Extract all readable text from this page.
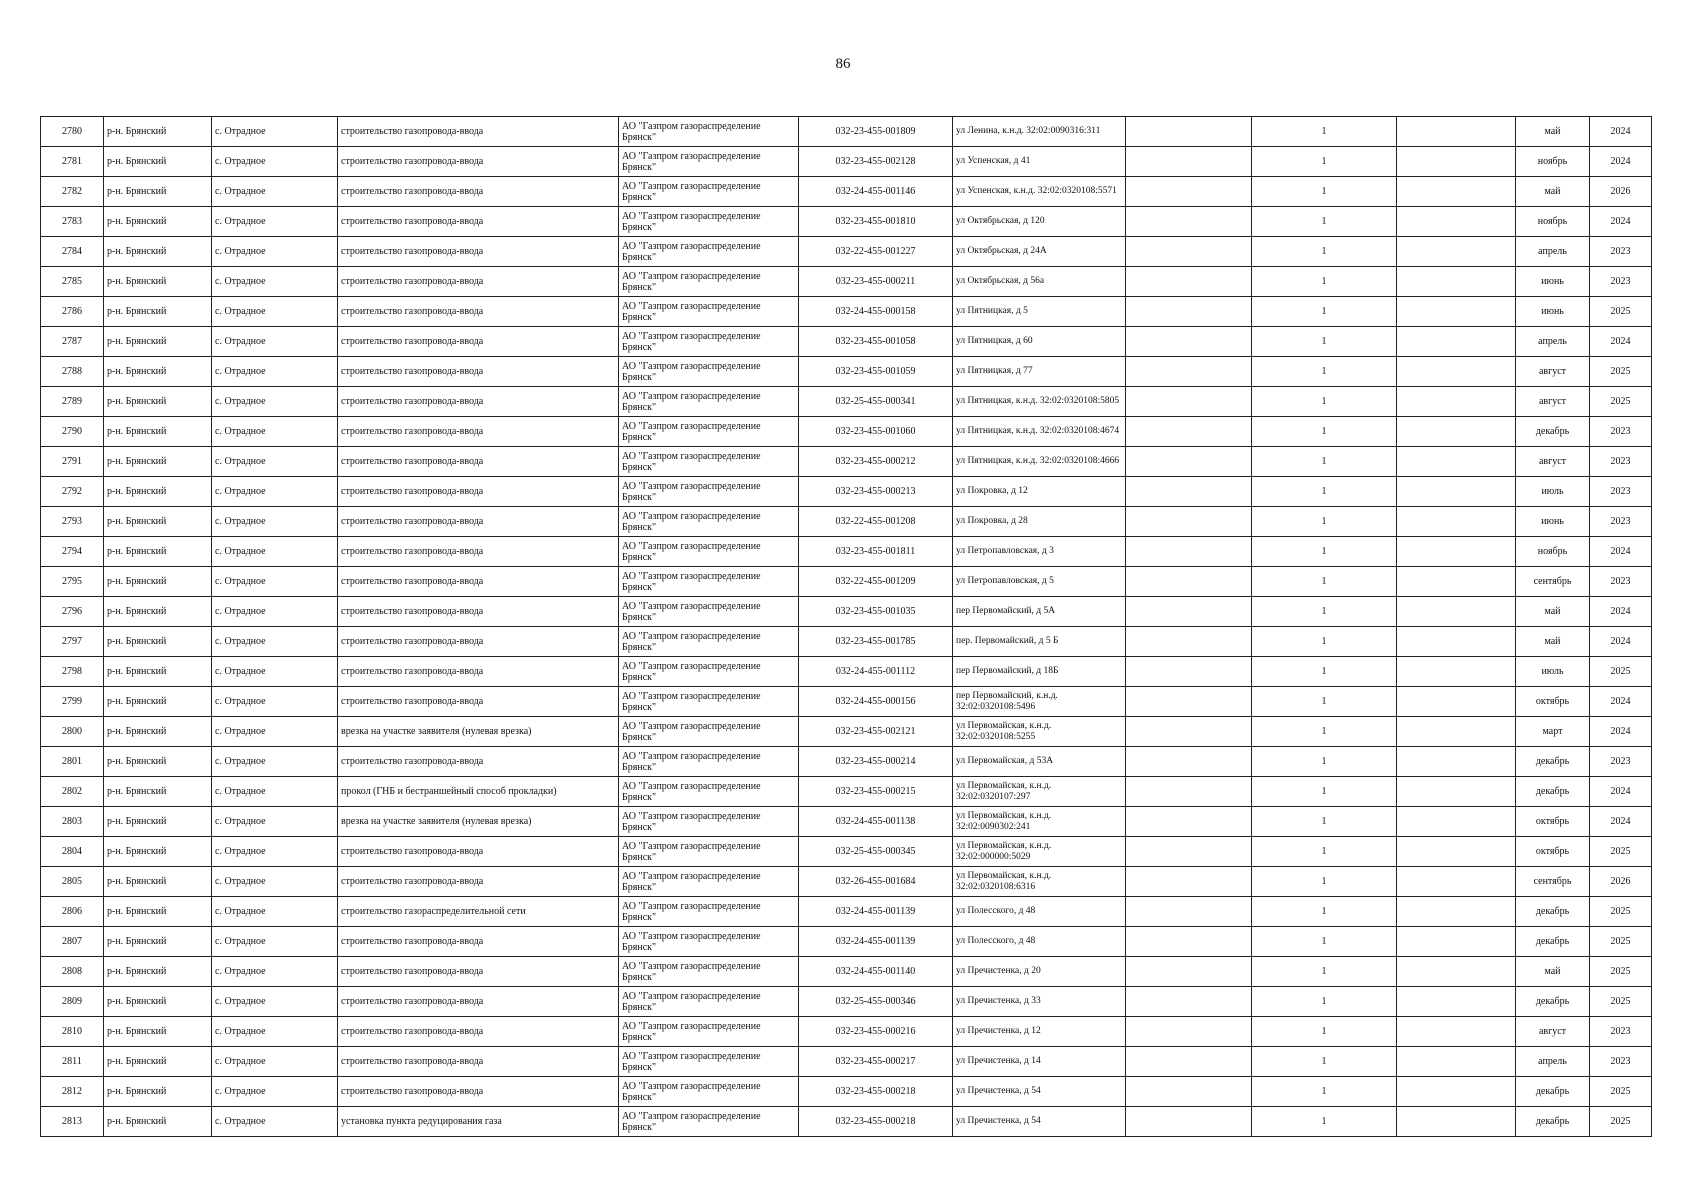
86
2780	р-н. Брянский	с. Отрадное	строительство газопровода-ввода	АО "Газпром газораспределение Брянск"	032-23-455-001809	ул Ленина, к.н.д. 32:02:0090316:311		1		май	2024
2781	р-н. Брянский	с. Отрадное	строительство газопровода-ввода	АО "Газпром газораспределение Брянск"	032-23-455-002128	ул Успенская, д 41		1		ноябрь	2024
2782	р-н. Брянский	с. Отрадное	строительство газопровода-ввода	АО "Газпром газораспределение Брянск"	032-24-455-001146	ул Успенская, к.н.д. 32:02:0320108:5571		1		май	2026
2783	р-н. Брянский	с. Отрадное	строительство газопровода-ввода	АО "Газпром газораспределение Брянск"	032-23-455-001810	ул Октябрьская, д 120		1		ноябрь	2024
2784	р-н. Брянский	с. Отрадное	строительство газопровода-ввода	АО "Газпром газораспределение Брянск"	032-22-455-001227	ул Октябрьская, д 24А		1		апрель	2023
2785	р-н. Брянский	с. Отрадное	строительство газопровода-ввода	АО "Газпром газораспределение Брянск"	032-23-455-000211	ул Октябрьская, д 56а		1		июнь	2023
2786	р-н. Брянский	с. Отрадное	строительство газопровода-ввода	АО "Газпром газораспределение Брянск"	032-24-455-000158	ул Пятницкая, д 5		1		июнь	2025
2787	р-н. Брянский	с. Отрадное	строительство газопровода-ввода	АО "Газпром газораспределение Брянск"	032-23-455-001058	ул Пятницкая, д 60		1		апрель	2024
2788	р-н. Брянский	с. Отрадное	строительство газопровода-ввода	АО "Газпром газораспределение Брянск"	032-23-455-001059	ул Пятницкая, д 77		1		август	2025
2789	р-н. Брянский	с. Отрадное	строительство газопровода-ввода	АО "Газпром газораспределение Брянск"	032-25-455-000341	ул Пятницкая, к.н.д. 32:02:0320108:5805		1		август	2025
2790	р-н. Брянский	с. Отрадное	строительство газопровода-ввода	АО "Газпром газораспределение Брянск"	032-23-455-001060	ул Пятницкая, к.н.д. 32:02:0320108:4674		1		декабрь	2023
2791	р-н. Брянский	с. Отрадное	строительство газопровода-ввода	АО "Газпром газораспределение Брянск"	032-23-455-000212	ул Пятницкая, к.н.д. 32:02:0320108:4666		1		август	2023
2792	р-н. Брянский	с. Отрадное	строительство газопровода-ввода	АО "Газпром газораспределение Брянск"	032-23-455-000213	ул Покровка, д 12		1		июль	2023
2793	р-н. Брянский	с. Отрадное	строительство газопровода-ввода	АО "Газпром газораспределение Брянск"	032-22-455-001208	ул Покровка, д 28		1		июнь	2023
2794	р-н. Брянский	с. Отрадное	строительство газопровода-ввода	АО "Газпром газораспределение Брянск"	032-23-455-001811	ул Петропавловская, д 3		1		ноябрь	2024
2795	р-н. Брянский	с. Отрадное	строительство газопровода-ввода	АО "Газпром газораспределение Брянск"	032-22-455-001209	ул Петропавловская, д 5		1		сентябрь	2023
2796	р-н. Брянский	с. Отрадное	строительство газопровода-ввода	АО "Газпром газораспределение Брянск"	032-23-455-001035	пер Первомайский, д 5А		1		май	2024
2797	р-н. Брянский	с. Отрадное	строительство газопровода-ввода	АО "Газпром газораспределение Брянск"	032-23-455-001785	пер. Первомайский, д 5 Б		1		май	2024
2798	р-н. Брянский	с. Отрадное	строительство газопровода-ввода	АО "Газпром газораспределение Брянск"	032-24-455-001112	пер Первомайский, д 18Б		1		июль	2025
2799	р-н. Брянский	с. Отрадное	строительство газопровода-ввода	АО "Газпром газораспределение Брянск"	032-24-455-000156	пер Первомайский, к.н.д. 32:02:0320108:5496		1		октябрь	2024
2800	р-н. Брянский	с. Отрадное	врезка на участке заявителя (нулевая врезка)	АО "Газпром газораспределение Брянск"	032-23-455-002121	ул Первомайская, к.н.д. 32:02:0320108:5255		1		март	2024
2801	р-н. Брянский	с. Отрадное	строительство газопровода-ввода	АО "Газпром газораспределение Брянск"	032-23-455-000214	ул Первомайская, д 53А		1		декабрь	2023
2802	р-н. Брянский	с. Отрадное	прокол (ГНБ и бестраншейный способ прокладки)	АО "Газпром газораспределение Брянск"	032-23-455-000215	ул Первомайская, к.н.д. 32:02:0320107:297		1		декабрь	2024
2803	р-н. Брянский	с. Отрадное	врезка на участке заявителя (нулевая врезка)	АО "Газпром газораспределение Брянск"	032-24-455-001138	ул Первомайская, к.н.д. 32:02:0090302:241		1		октябрь	2024
2804	р-н. Брянский	с. Отрадное	строительство газопровода-ввода	АО "Газпром газораспределение Брянск"	032-25-455-000345	ул Первомайская, к.н.д. 32:02:000000:5029		1		октябрь	2025
2805	р-н. Брянский	с. Отрадное	строительство газопровода-ввода	АО "Газпром газораспределение Брянск"	032-26-455-001684	ул Первомайская, к.н.д. 32:02:0320108:6316		1		сентябрь	2026
2806	р-н. Брянский	с. Отрадное	строительство газораспределительной сети	АО "Газпром газораспределение Брянск"	032-24-455-001139	ул Полесского, д 48		1		декабрь	2025
2807	р-н. Брянский	с. Отрадное	строительство газопровода-ввода	АО "Газпром газораспределение Брянск"	032-24-455-001139	ул Полесского, д 48		1		декабрь	2025
2808	р-н. Брянский	с. Отрадное	строительство газопровода-ввода	АО "Газпром газораспределение Брянск"	032-24-455-001140	ул Пречистенка, д 20		1		май	2025
2809	р-н. Брянский	с. Отрадное	строительство газопровода-ввода	АО "Газпром газораспределение Брянск"	032-25-455-000346	ул Пречистенка, д 33		1		декабрь	2025
2810	р-н. Брянский	с. Отрадное	строительство газопровода-ввода	АО "Газпром газораспределение Брянск"	032-23-455-000216	ул Пречистенка, д 12		1		август	2023
2811	р-н. Брянский	с. Отрадное	строительство газопровода-ввода	АО "Газпром газораспределение Брянск"	032-23-455-000217	ул Пречистенка, д 14		1		апрель	2023
2812	р-н. Брянский	с. Отрадное	строительство газопровода-ввода	АО "Газпром газораспределение Брянск"	032-23-455-000218	ул Пречистенка, д 54		1		декабрь	2025
2813	р-н. Брянский	с. Отрадное	установка пункта редуцирования газа	АО "Газпром газораспределение Брянск"	032-23-455-000218	ул Пречистенка, д 54		1		декабрь	2025
